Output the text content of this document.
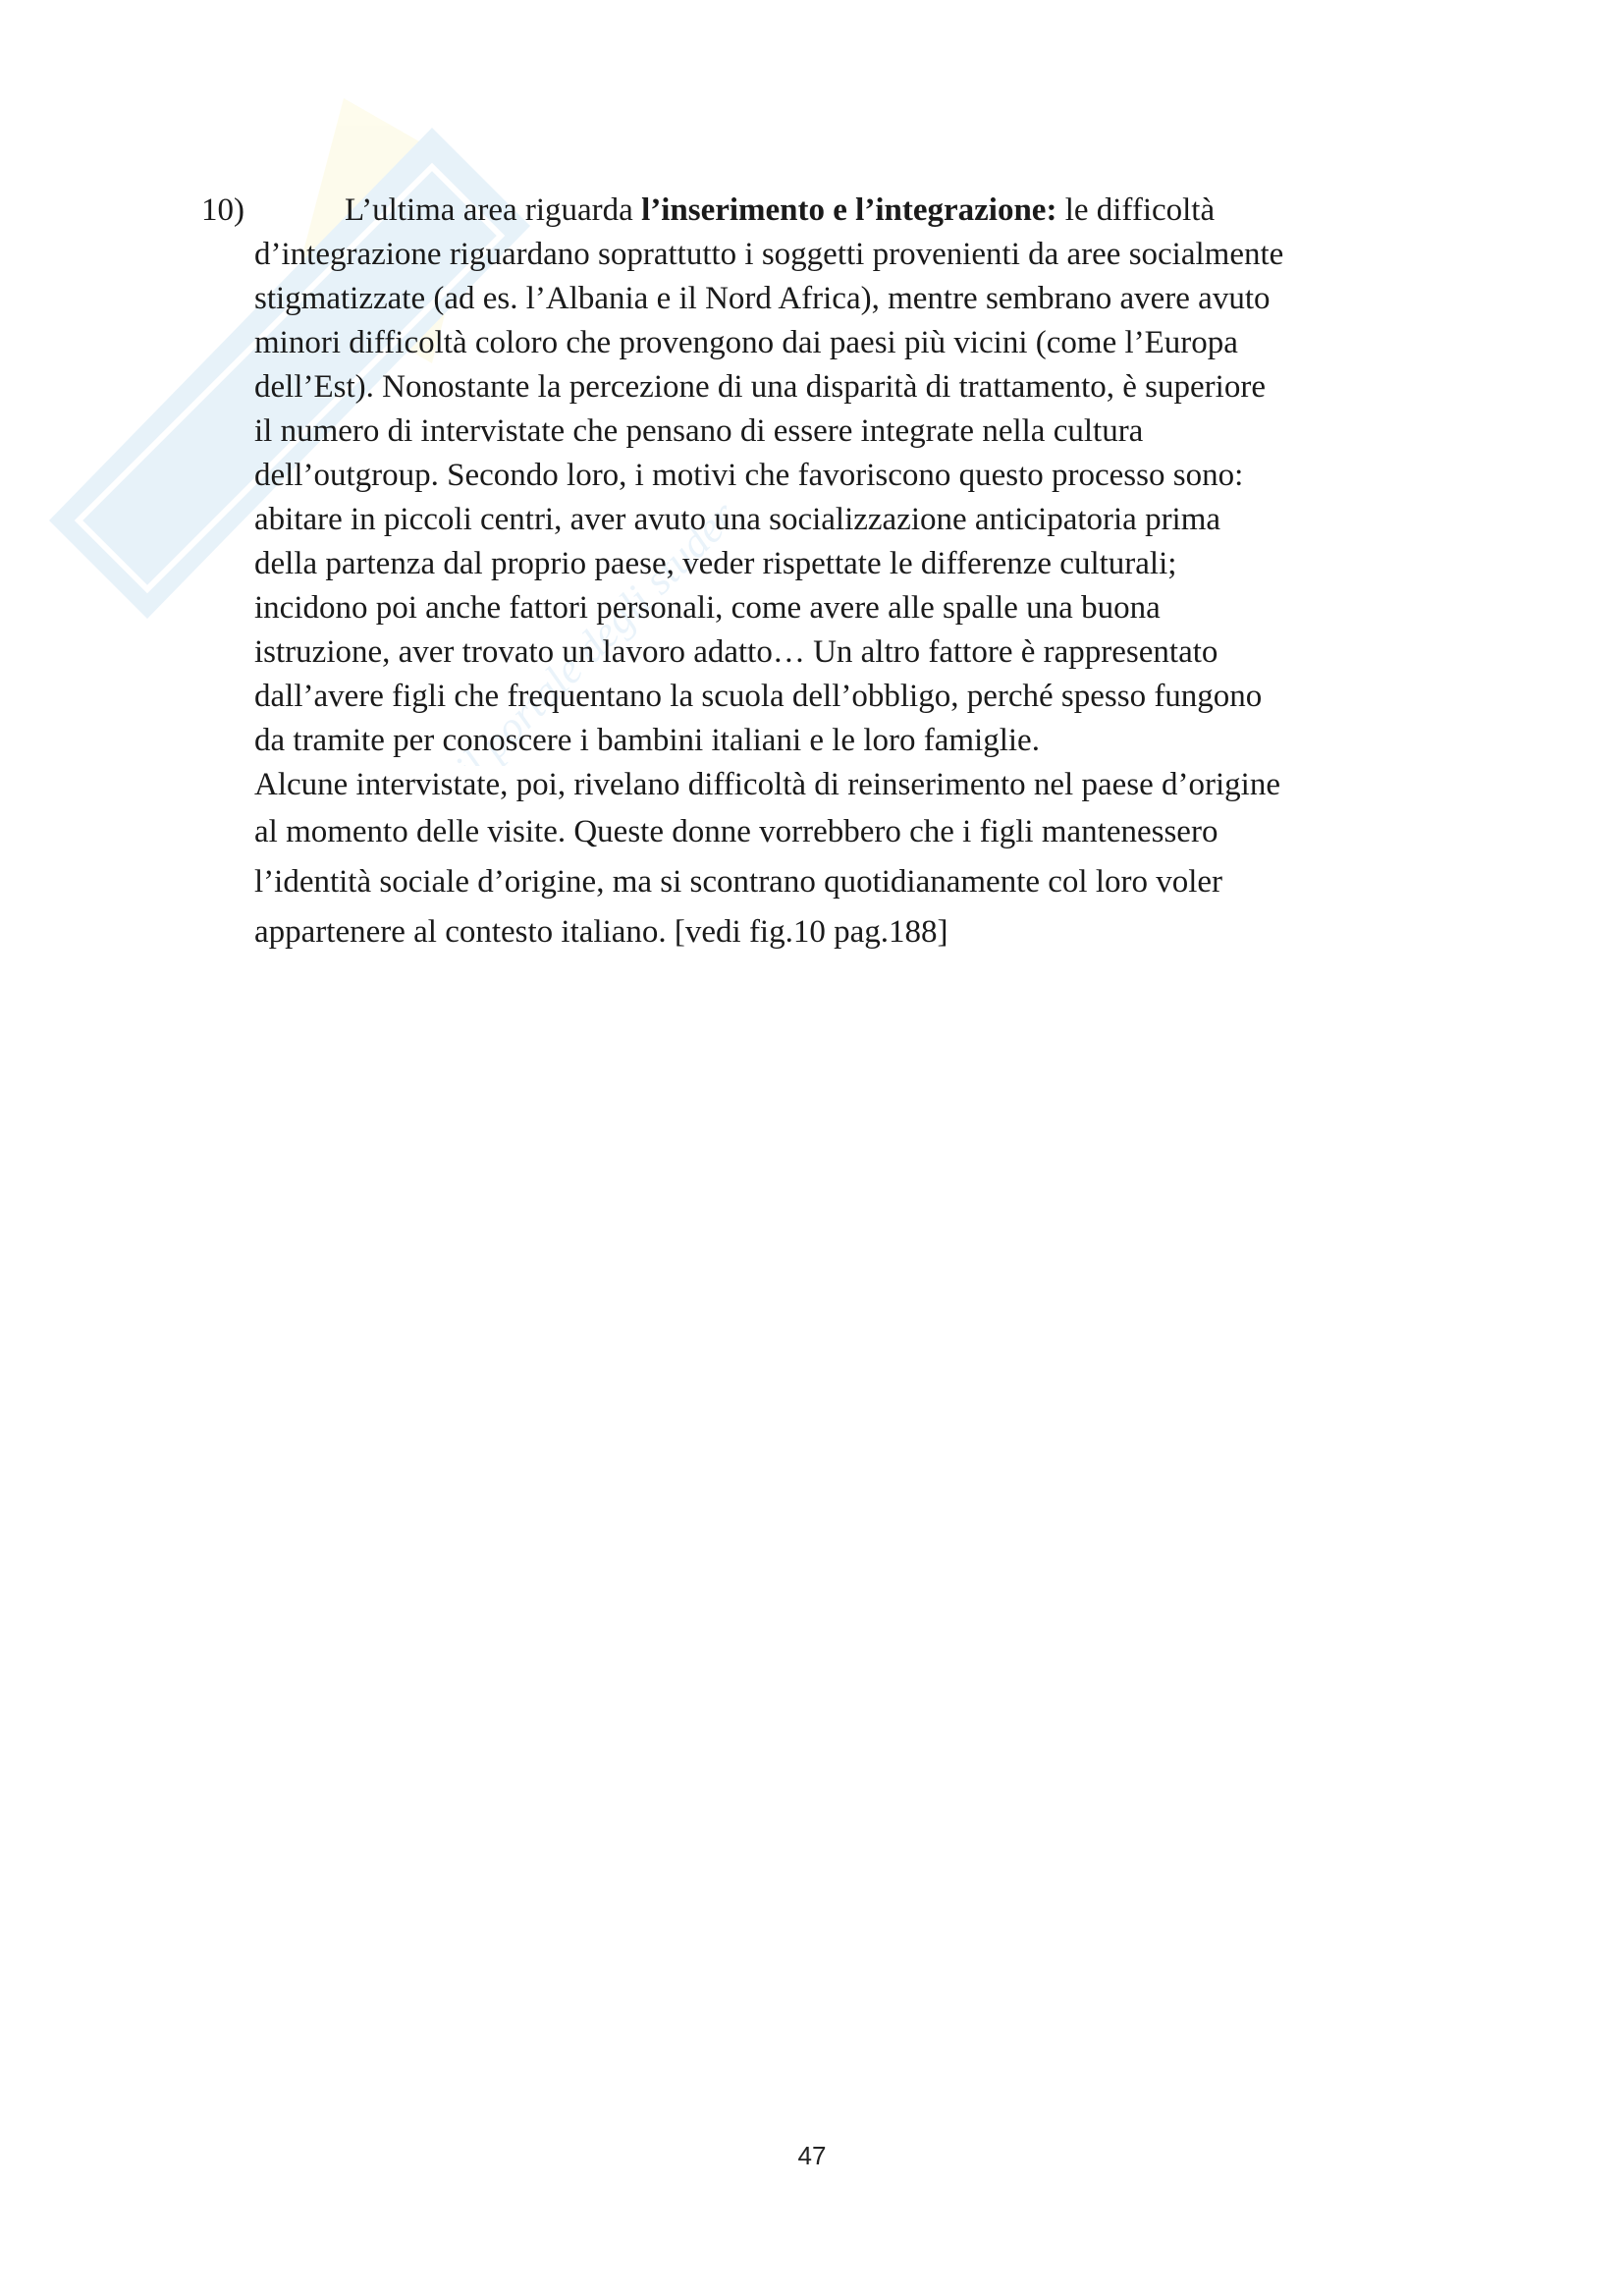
Skuola.net
portale degli studenti
10)	L’ultima area riguarda l’inserimento e l’integrazione: le difficoltà
d’integrazione riguardano soprattutto i soggetti provenienti da aree socialmente
stigmatizzate (ad es. l’Albania e il Nord Africa), mentre sembrano avere avuto
minori difficoltà coloro che provengono dai paesi più vicini (come l’Europa
dell’Est). Nonostante la percezione di una disparità di trattamento, è superiore
il numero di intervistate che pensano di essere integrate nella cultura
dell’outgroup. Secondo loro, i motivi che favoriscono questo processo sono:
abitare in piccoli centri, aver avuto una socializzazione anticipatoria prima
della partenza dal proprio paese, veder rispettate le differenze culturali;
incidono poi anche fattori personali, come avere alle spalle una buona
istruzione, aver trovato un lavoro adatto… Un altro fattore è rappresentato
dall’avere figli che frequentano la scuola dell’obbligo, perché spesso fungono
da tramite per conoscere i bambini italiani e le loro famiglie.
Alcune intervistate, poi, rivelano difficoltà di reinserimento nel paese d’origine
al momento delle visite. Queste donne vorrebbero che i figli mantenessero
l’identità sociale d’origine, ma si scontrano quotidianamente col loro voler
appartenere al contesto italiano. [vedi fig.10 pag.188]
47
